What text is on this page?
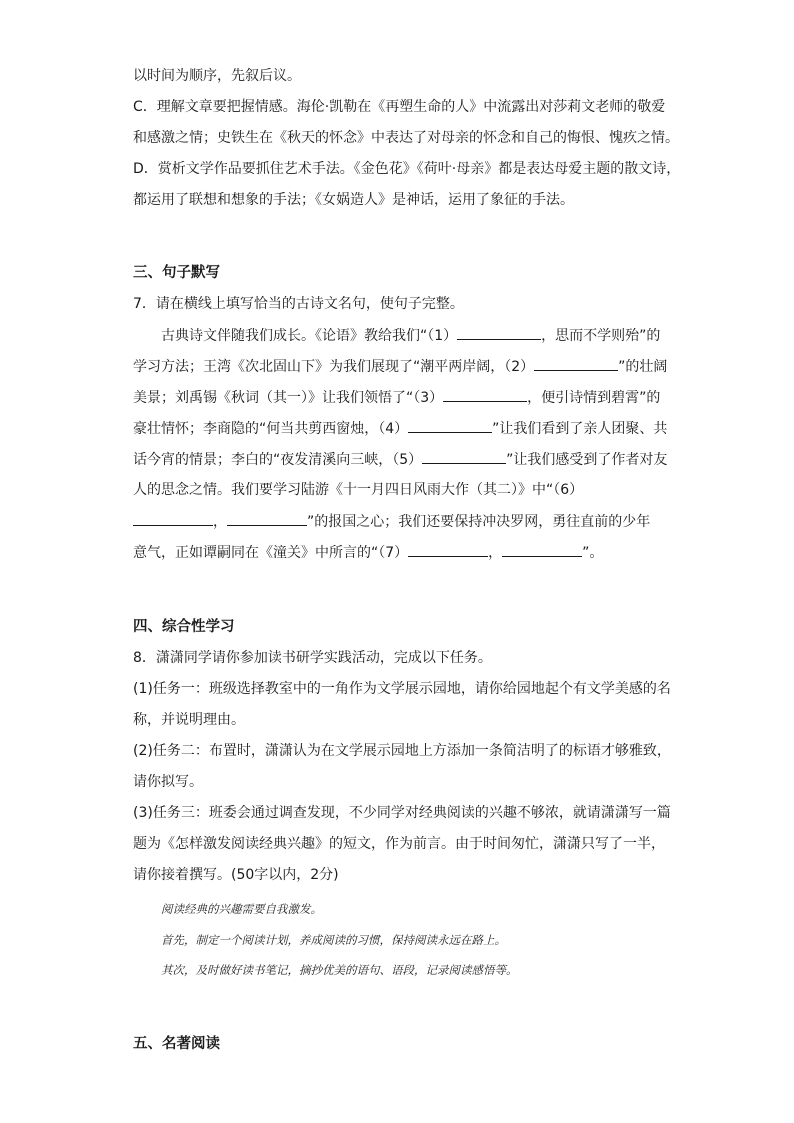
以时间为顺序，先叙后议。
C．理解文章要把握情感。海伦·凯勒在《再塑生命的人》中流露出对莎莉文老师的敬爱
和感激之情；史铁生在《秋天的怀念》中表达了对母亲的怀念和自己的悔恨、愧疚之情。
D．赏析文学作品要抓住艺术手法。《金色花》《荷叶·母亲》都是表达母爱主题的散文诗，
都运用了联想和想象的手法；《女娲造人》是神话，运用了象征的手法。
三、句子默写
7．请在横线上填写恰当的古诗文名句，使句子完整。
古典诗文伴随我们成长。《论语》教给我们“（1）	，思而不学则殆”的
学习方法；王湾《次北固山下》为我们展现了“潮平两岸阔，（2）	”的壮阔
美景；刘禹锡《秋词（其一）》让我们领悟了“（3）	，便引诗情到碧霄”的
豪壮情怀；李商隐的“何当共剪西窗烛，（4）	”让我们看到了亲人团聚、共
话今宵的情景；李白的“夜发清溪向三峡，（5）	”让我们感受到了作者对友
人的思念之情。我们要学习陆游《十一月四日风雨大作（其二）》中“（6）
，	”的报国之心；我们还要保持冲决罗网，勇往直前的少年
意气，正如谭嗣同在《潼关》中所言的“（7）	，	”。
四、综合性学习
8．潇潇同学请你参加读书研学实践活动，完成以下任务。
(1)任务一：班级选择教室中的一角作为文学展示园地，请你给园地起个有文学美感的名
称，并说明理由。
(2)任务二：布置时，潇潇认为在文学展示园地上方添加一条简洁明了的标语才够雅致，
请你拟写。
(3)任务三：班委会通过调查发现，不少同学对经典阅读的兴趣不够浓，就请潇潇写一篇
题为《怎样激发阅读经典兴趣》的短文，作为前言。由于时间匆忙，潇潇只写了一半，
请你接着撰写。(50字以内，2分)
阅读经典的兴趣需要自我激发。
首先，制定一个阅读计划，养成阅读的习惯，保持阅读永远在路上。
其次，及时做好读书笔记，摘抄优美的语句、语段，记录阅读感悟等。
五、名著阅读
